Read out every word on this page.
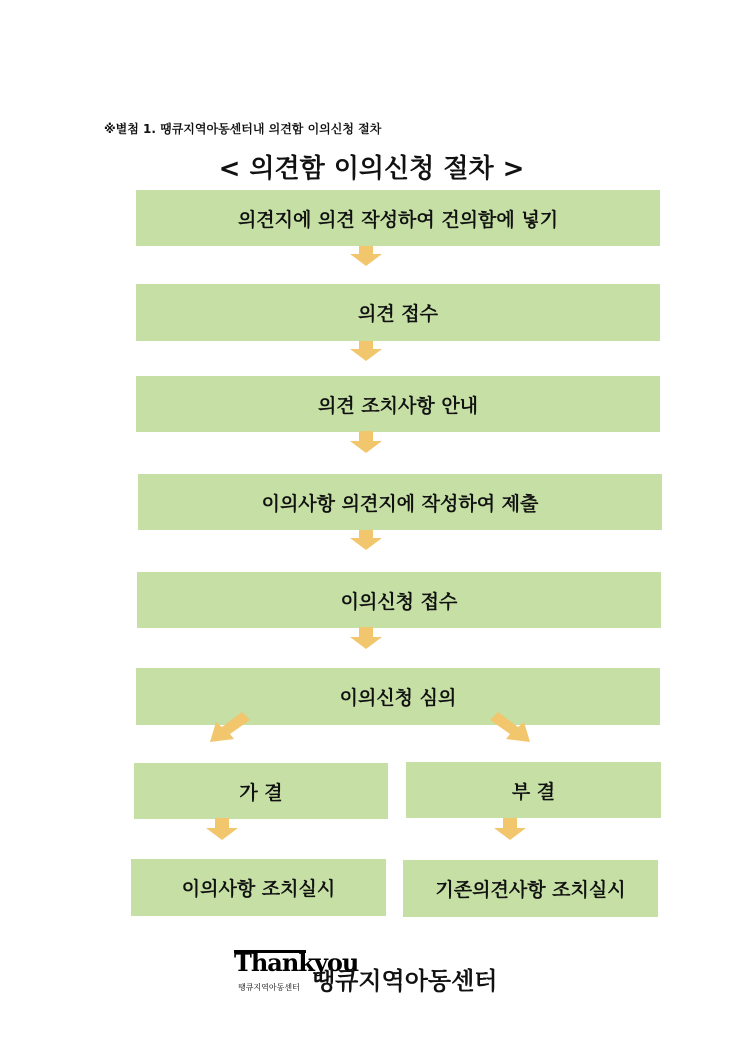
※별첨 1. 땡큐지역아동센터내 의견함 이의신청 절차
< 의견함 이의신청 절차 >
의견지에 의견 작성하여 건의함에 넣기
의견 접수
의견 조치사항 안내
이의사항 의견지에 작성하여 제출
이의신청 접수
이의신청 심의
가 결	부 결
이의사항 조치실시	기존의견사항 조치실시
Thankyou
땡큐지역아동센터 땡큐지역아동센터
